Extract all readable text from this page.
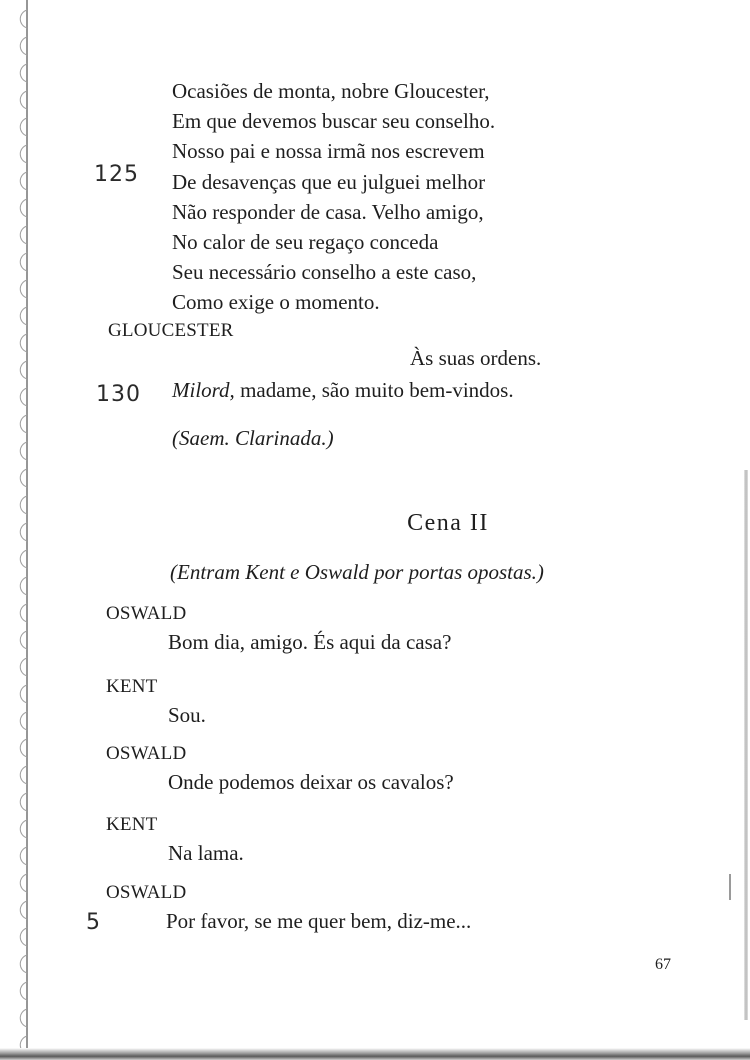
Ocasiões de monta, nobre Gloucester,
Em que devemos buscar seu conselho.
Nosso pai e nossa irmã nos escrevem
De desavenças que eu julguei melhor
Não responder de casa. Velho amigo,
No calor de seu regaço conceda
Seu necessário conselho a este caso,
Como exige o momento.
125
GLOUCESTER
Às suas ordens.
130 Milord, madame, são muito bem-vindos.
(Saem. Clarinada.)
Cena II
(Entram Kent e Oswald por portas opostas.)
OSWALD
Bom dia, amigo. És aqui da casa?
KENT
Sou.
OSWALD
Onde podemos deixar os cavalos?
KENT
Na lama.
OSWALD
5	Por favor, se me quer bem, diz-me...
67
